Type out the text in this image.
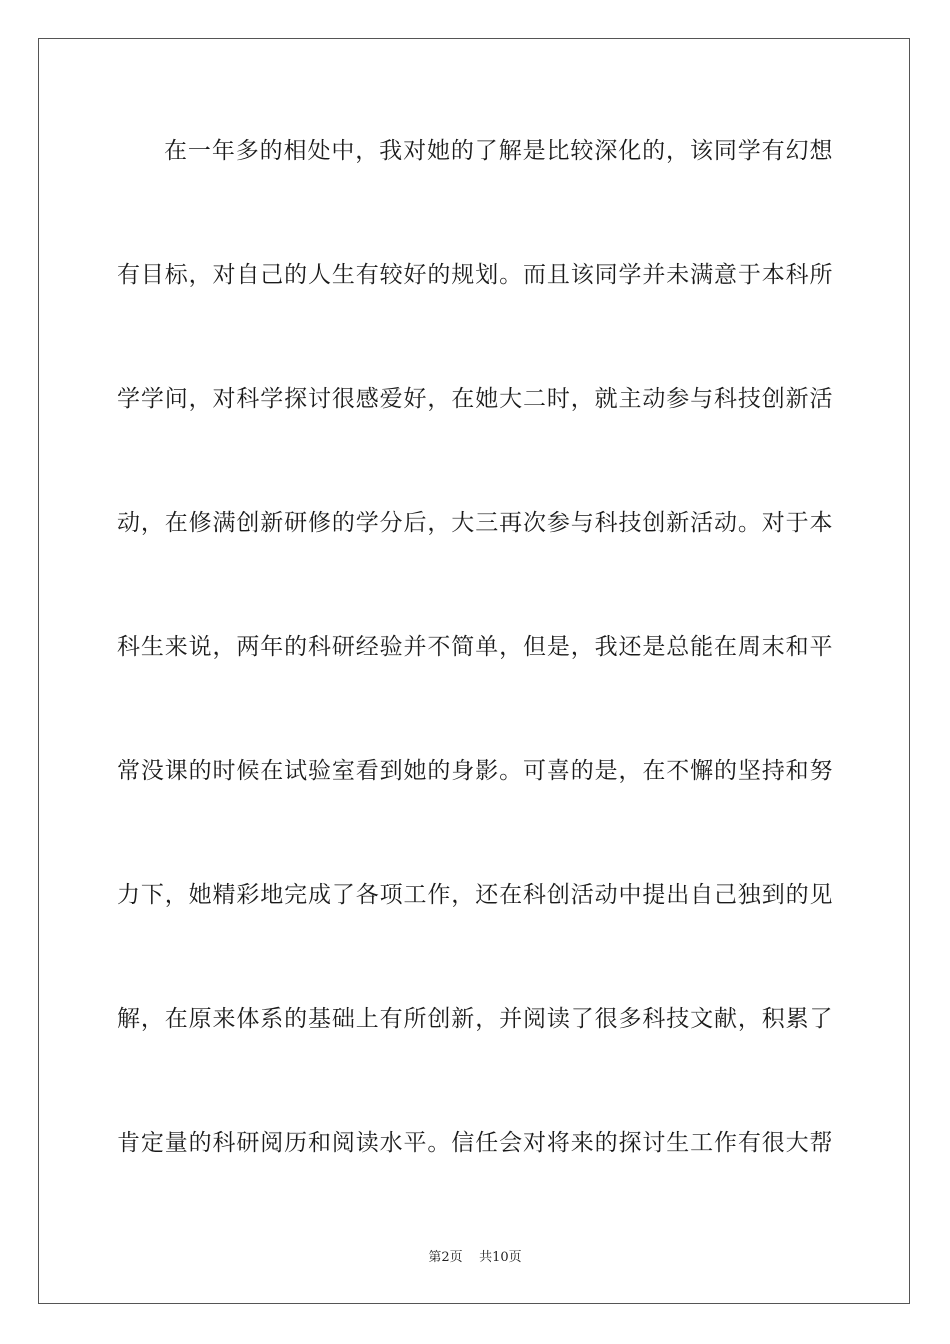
在一年多的相处中，我对她的了解是比较深化的，该同学有幻想
有目标，对自己的人生有较好的规划。而且该同学并未满意于本科所
学学问，对科学探讨很感爱好，在她大二时，就主动参与科技创新活
动，在修满创新研修的学分后，大三再次参与科技创新活动。对于本
科生来说，两年的科研经验并不简单，但是，我还是总能在周末和平
常没课的时候在试验室看到她的身影。可喜的是，在不懈的坚持和努
力下，她精彩地完成了各项工作，还在科创活动中提出自己独到的见
解，在原来体系的基础上有所创新，并阅读了很多科技文献，积累了
肯定量的科研阅历和阅读水平。信任会对将来的探讨生工作有很大帮
第2页 共10页
